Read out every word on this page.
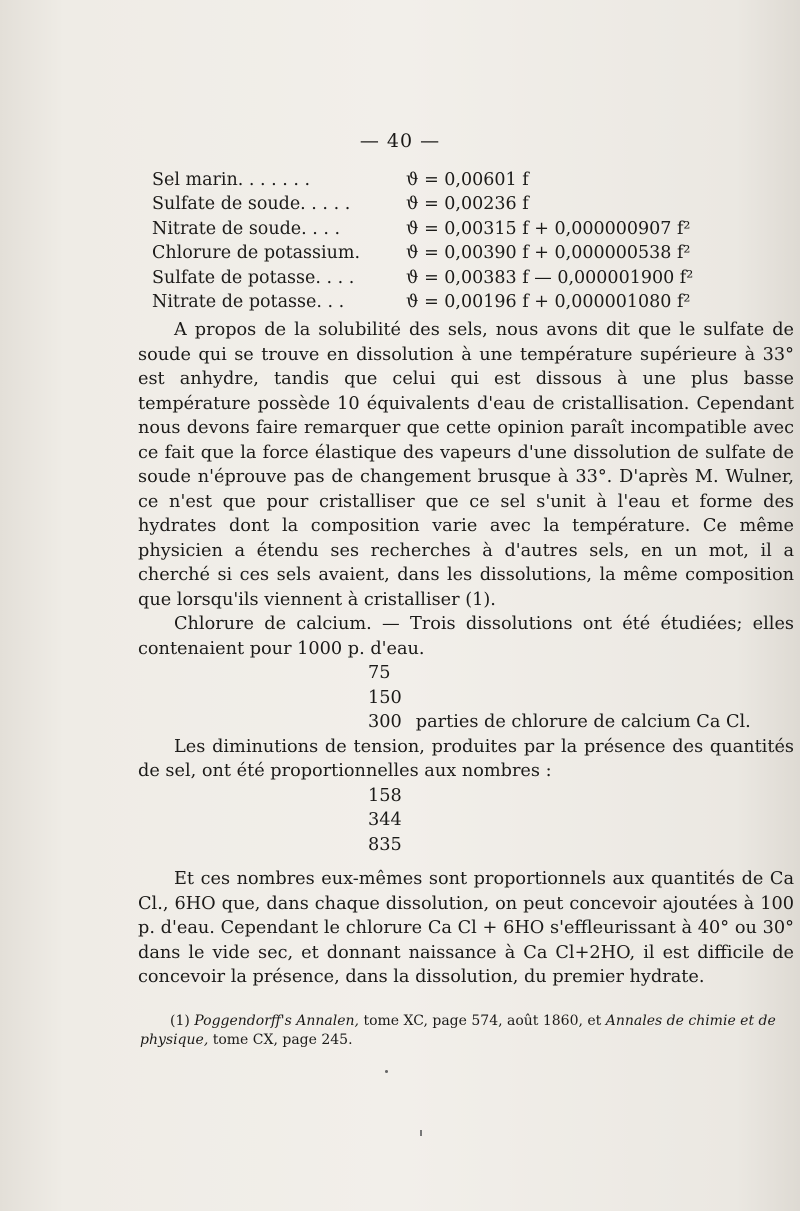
— 40 —
Sel marin. . . . . . .	ϑ = 0,00601 f
Sulfate de soude. . . . .	ϑ = 0,00236 f
Nitrate de soude. . . .	ϑ = 0,00315 f + 0,000000907 f²
Chlorure de potassium.	ϑ = 0,00390 f + 0,000000538 f²
Sulfate de potasse. . . .	ϑ = 0,00383 f — 0,000001900 f²
Nitrate de potasse. . .	ϑ = 0,00196 f + 0,000001080 f²

A propos de la solubilité des sels, nous avons dit que le sulfate de soude qui se trouve en dissolution à une température supérieure à 33° est anhydre, tandis que celui qui est dissous à une plus basse température possède 10 équivalents d'eau de cristallisation. Cependant nous devons faire remarquer que cette opinion paraît incompatible avec ce fait que la force élastique des vapeurs d'une dissolution de sulfate de soude n'éprouve pas de changement brusque à 33°. D'après M. Wulner, ce n'est que pour cristalliser que ce sel s'unit à l'eau et forme des hydrates dont la composition varie avec la température. Ce même physicien a étendu ses recherches à d'autres sels, en un mot, il a cherché si ces sels avaient, dans les dissolutions, la même composition que lorsqu'ils viennent à cristalliser (1).

Chlorure de calcium. — Trois dissolutions ont été étudiées; elles contenaient pour 1000 p. d'eau.

75
150
300 parties de chlorure de calcium Ca Cl.

Les diminutions de tension, produites par la présence des quantités de sel, ont été proportionnelles aux nombres :

158
344
835

Et ces nombres eux-mêmes sont proportionnels aux quantités de Ca Cl., 6HO que, dans chaque dissolution, on peut concevoir ajoutées à 100 p. d'eau. Cependant le chlorure Ca Cl + 6HO s'effleurissant à 40° ou 30° dans le vide sec, et donnant naissance à Ca Cl+2HO, il est difficile de concevoir la présence, dans la dissolution, du premier hydrate.

(1) Poggendorff's Annalen, tome XC, page 574, août 1860, et Annales de chimie et de physique, tome CX, page 245.
